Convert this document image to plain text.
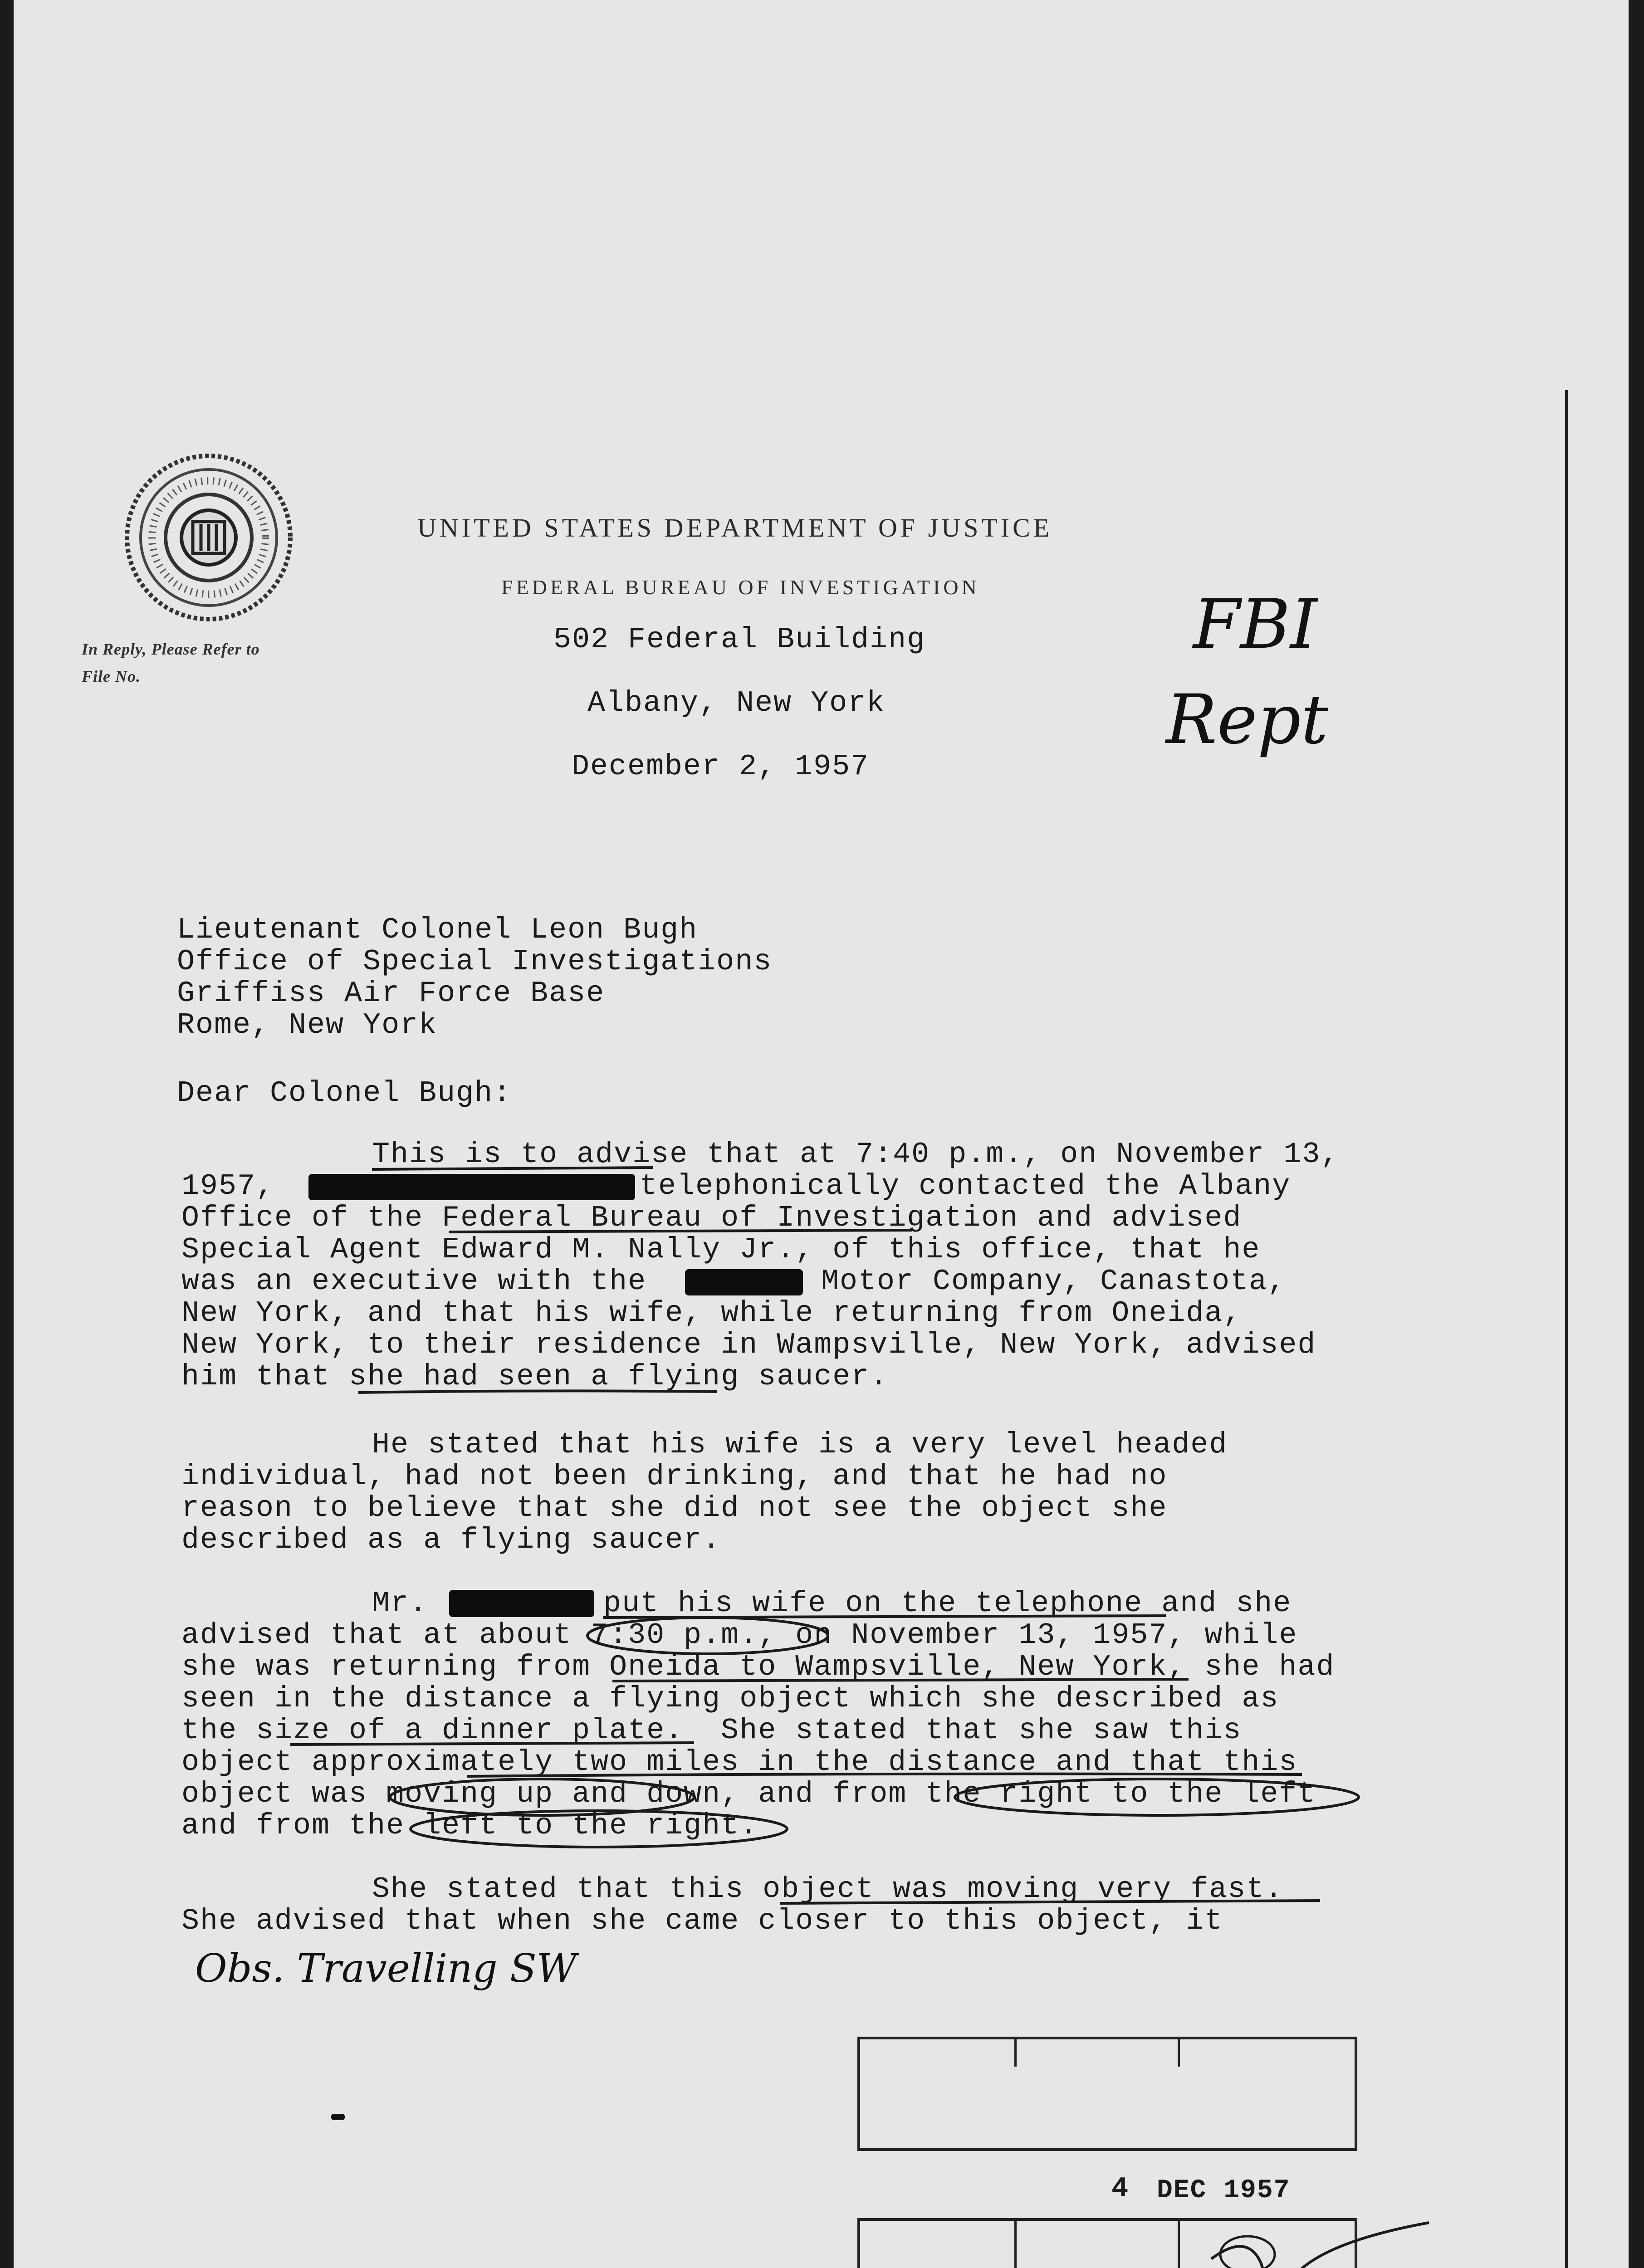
In Reply, Please Refer to
File No.
UNITED STATES DEPARTMENT OF JUSTICE
FEDERAL BUREAU OF INVESTIGATION
502 Federal Building
Albany, New York
December 2, 1957
FBI
Rept
Lieutenant Colonel Leon Bugh
Office of Special Investigations
Griffiss Air Force Base
Rome, New York
Dear Colonel Bugh:
This is to advise that at 7:40 p.m., on November 13,
1957,	telephonically contacted the Albany
Office of the Federal Bureau of Investigation and advised
Special Agent Edward M. Nally Jr., of this office, that he
was an executive with the	Motor Company, Canastota,
New York, and that his wife, while returning from Oneida,
New York, to their residence in Wampsville, New York, advised
him that she had seen a flying saucer.
He stated that his wife is a very level headed
individual, had not been drinking, and that he had no
reason to believe that she did not see the object she
described as a flying saucer.
Mr.	put his wife on the telephone and she
advised that at about 7:30 p.m., on November 13, 1957, while
she was returning from Oneida to Wampsville, New York, she had
seen in the distance a flying object which she described as
the size of a dinner plate.  She stated that she saw this
object approximately two miles in the distance and that this
object was moving up and down, and from the right to the left
and from the left to the right.
She stated that this object was moving very fast.
She advised that when she came closer to this object, it
Obs. Travelling SW
4 DEC 1957
